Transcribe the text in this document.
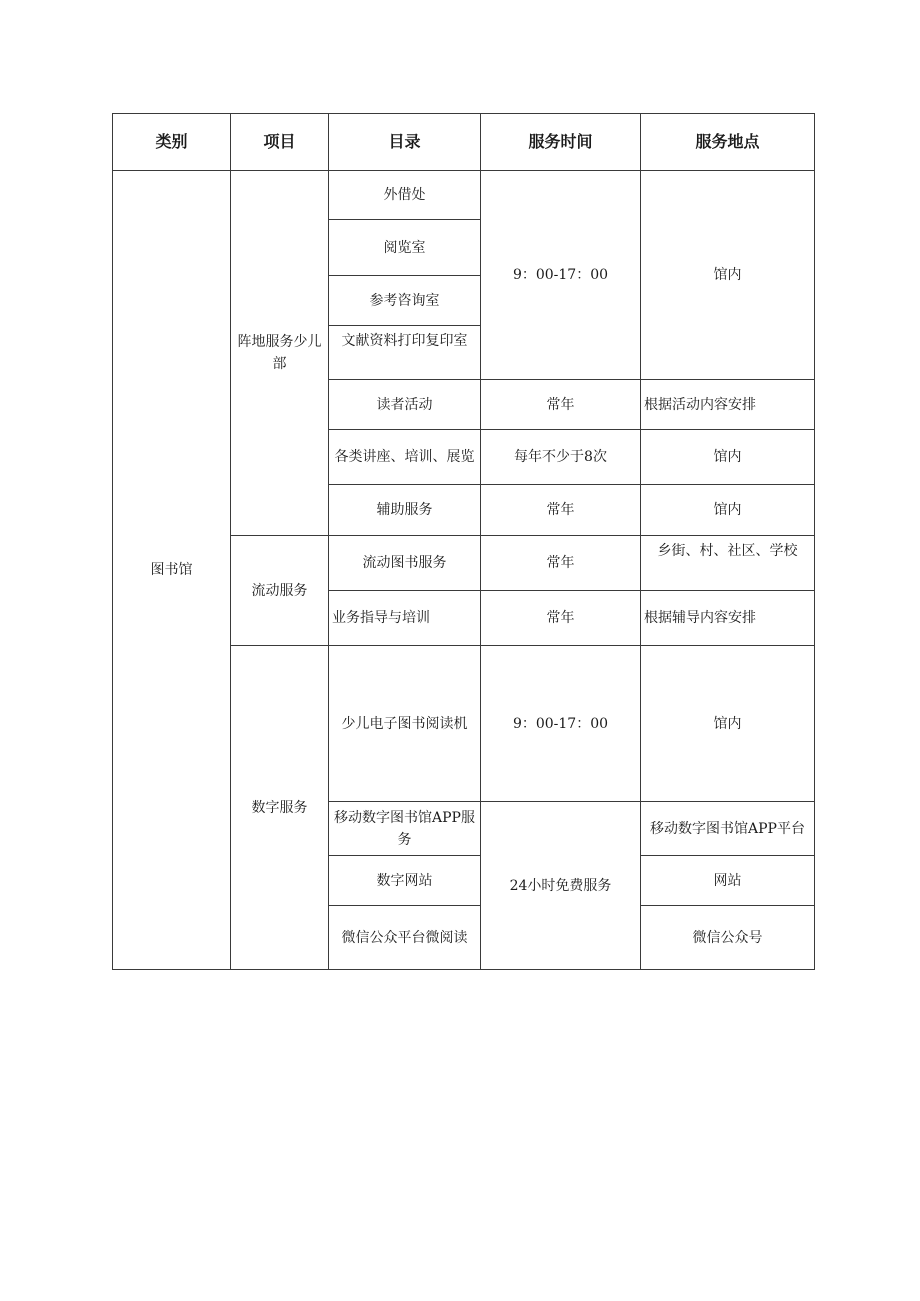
类别	项目	目录	服务时间	服务地点
图书馆	阵地服务少儿部	外借处	9：00-17：00	馆内
		阅览室		
		参考咨询室		
		文献资料打印复印室		
		读者活动	常年	根据活动内容安排
		各类讲座、培训、展览	每年不少于8次	馆内
		辅助服务	常年	馆内
	流动服务	流动图书服务	常年	乡街、村、社区、学校
		业务指导与培训	常年	根据辅导内容安排
	数字服务	少儿电子图书阅读机	9：00-17：00	馆内
		移动数字图书馆APP服务	24小时免费服务	移动数字图书馆APP平台
		数字网站		网站
		微信公众平台微阅读		微信公众号
